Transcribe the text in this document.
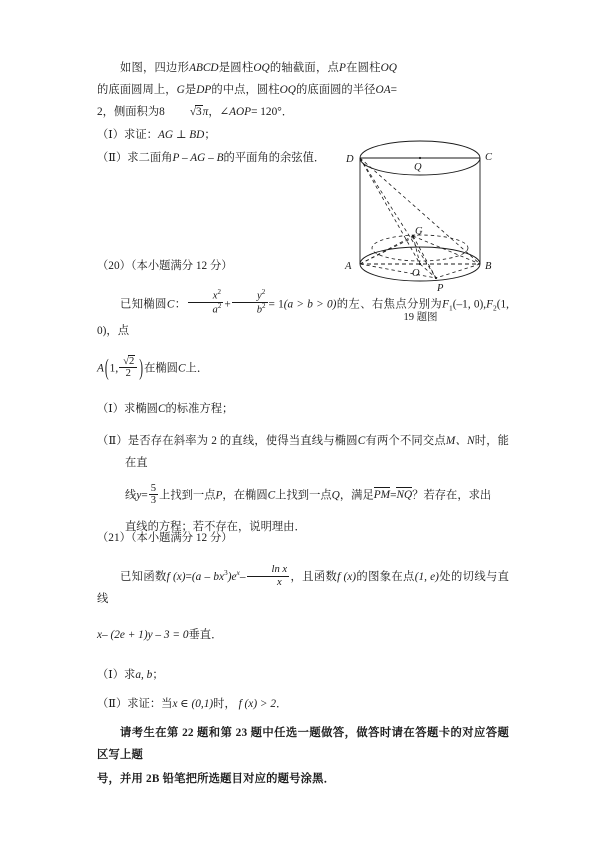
如图，四边形ABCD是圆柱OQ的轴截面，点P在圆柱OQ的底面圆周上，G是DP的中点，圆柱OQ的底面圆的半径OA= 2，侧面积为8 √3π，∠AOP= 120°．

（Ⅰ）求证：AG ⊥ BD；

（Ⅱ）求二面角P – AG – B的平面角的余弦值．	D	C
Q
A	B
O
P
G
19 题图

（20）（本小题满分 12 分）

已知椭圆C： $\frac{x^2}{a^2} + \frac{y^2}{b^2} = 1(a > b > 0)$的左、右焦点分别为$F_1(-1$, $0),F_2(1$, 0)，点

A(1, $\frac{√2}{2}$ )在椭圆C上．

（Ⅰ）求椭圆C的标准方程；

（Ⅱ）是否存在斜率为 2 的直线，使得当直线与椭圆C有两个不同交点M、N时，能在直

线$y= \frac{5}{3}$ 上找到一点P，在椭圆C上找到一点Q，满足PM=NQ？若存在，求出

直线的方程；若不存在，说明理由．

（21）（本小题满分 12 分）

已知函数f $(x)=(a - bx^3)e^x- \frac{\text{ln x}}{x}$ ，且函数f (x)的图象在点(1, e)处的切线与直线

x– (2e + 1)y – 3 = 0垂直．

（Ⅰ）求a, b；

（Ⅱ）求证：当x ∈ (0,1)时， f (x) > 2．

请考生在第 22 题和第 23 题中任选一题做答，做答时请在答题卡的对应答题区写上题

号，并用 2B 铅笔把所选题目对应的题号涂黑．
